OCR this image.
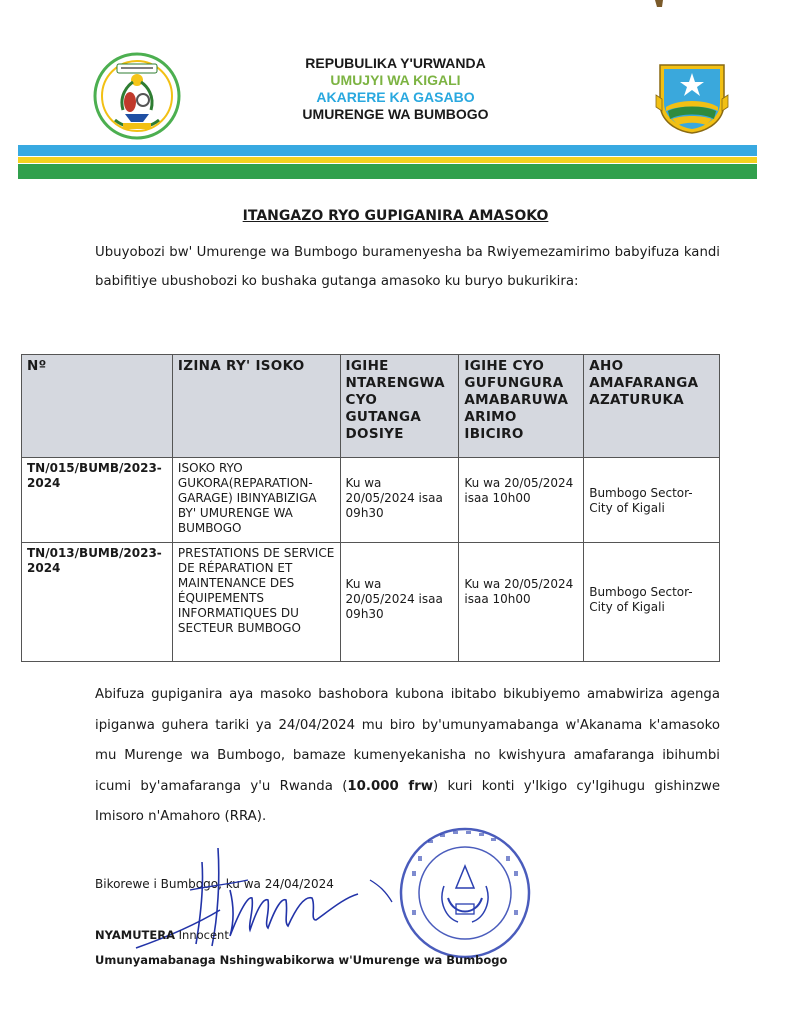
REPUBULIKA Y'URWANDA
UMUJYI WA KIGALI
AKARERE KA GASABO
UMURENGE WA BUMBOGO
ITANGAZO RYO GUPIGANIRA AMASOKO
Ubuyobozi bw' Umurenge wa Bumbogo buramenyesha ba Rwiyemezamirimo babyifuza kandi babifitiye ubushobozi ko bushaka gutanga amasoko ku buryo bukurikira:
Nº	IZINA RY' ISOKO	IGIHE NTARENGWA CYO GUTANGA DOSIYE	IGIHE CYO GUFUNGURA AMABARUWA ARIMO IBICIRO	AHO AMAFARANGA AZATURUKA
TN/015/BUMB/2023-2024	ISOKO RYO GUKORA(REPARATION-GARAGE) IBINYABIZIGA BY' UMURENGE WA BUMBOGO	Ku wa 20/05/2024 isaa 09h30	Ku wa 20/05/2024 isaa 10h00	Bumbogo Sector-City of Kigali
TN/013/BUMB/2023-2024	PRESTATIONS DE SERVICE DE RÉPARATION ET MAINTENANCE DES ÉQUIPEMENTS INFORMATIQUES DU SECTEUR BUMBOGO	Ku wa 20/05/2024 isaa 09h30	Ku wa 20/05/2024 isaa 10h00	Bumbogo Sector-City of Kigali
Abifuza gupiganira aya masoko bashobora kubona ibitabo bikubiyemo amabwiriza agenga ipiganwa guhera tariki ya 24/04/2024 mu biro by'umunyamabanga w'Akanama k'amasoko mu Murenge wa Bumbogo, bamaze kumenyekanisha no kwishyura amafaranga ibihumbi icumi by'amafaranga y'u Rwanda (10.000 frw) kuri konti y'Ikigo cy'Igihugu gishinzwe Imisoro n'Amahoro (RRA).
Bikorewe i Bumbogo, ku wa 24/04/2024
NYAMUTERA Innocent
Umunyamabanaga Nshingwabikorwa w'Umurenge wa Bumbogo
